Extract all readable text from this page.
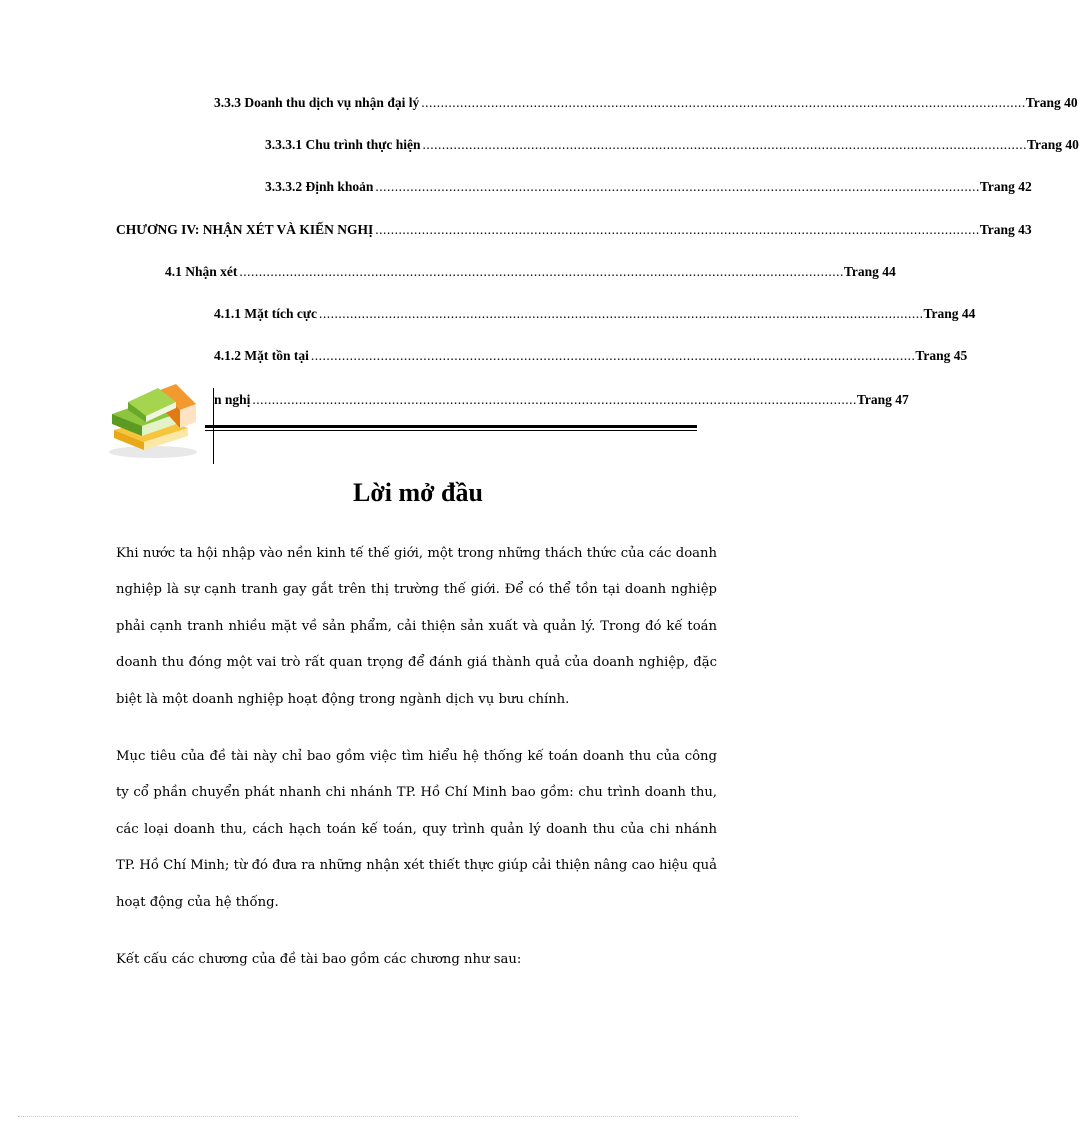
3.3.3 Doanh thu dịch vụ nhận đại lý ............................................................................................................................................................ Trang 40
3.3.3.1 Chu trình thực hiện ............................................................................................................................................................ Trang 40
3.3.3.2 Định khoản ............................................................................................................................................................ Trang 42
CHƯƠNG IV: NHẬN XÉT VÀ KIẾN NGHỊ ............................................................................................................................................................ Trang 43
4.1 Nhận xét ............................................................................................................................................................ Trang 44
4.1.1 Mặt tích cực ............................................................................................................................................................ Trang 44
4.1.2 Mặt tồn tại ............................................................................................................................................................ Trang 45
n nghị ............................................................................................................................................................ Trang 47
Lời mở đầu

Khi nước ta hội nhập vào nền kinh tế thế giới, một trong những thách thức của các doanh nghiệp là sự cạnh tranh gay gắt trên thị trường thế giới. Để có thể tồn tại doanh nghiệp phải cạnh tranh nhiều mặt về sản phẩm, cải thiện sản xuất và quản lý. Trong đó kế toán doanh thu đóng một vai trò rất quan trọng để đánh giá thành quả của doanh nghiệp, đặc biệt là một doanh nghiệp hoạt động trong ngành dịch vụ bưu chính.

Mục tiêu của đề tài này chỉ bao gồm việc tìm hiểu hệ thống kế toán doanh thu của công ty cổ phần chuyển phát nhanh chi nhánh TP. Hồ Chí Minh bao gồm: chu trình doanh thu, các loại doanh thu, cách hạch toán kế toán, quy trình quản lý doanh thu của chi nhánh TP. Hồ Chí Minh; từ đó đưa ra những nhận xét thiết thực giúp cải thiện nâng cao hiệu quả hoạt động của hệ thống.

Kết cấu các chương của đề tài bao gồm các chương như sau:
